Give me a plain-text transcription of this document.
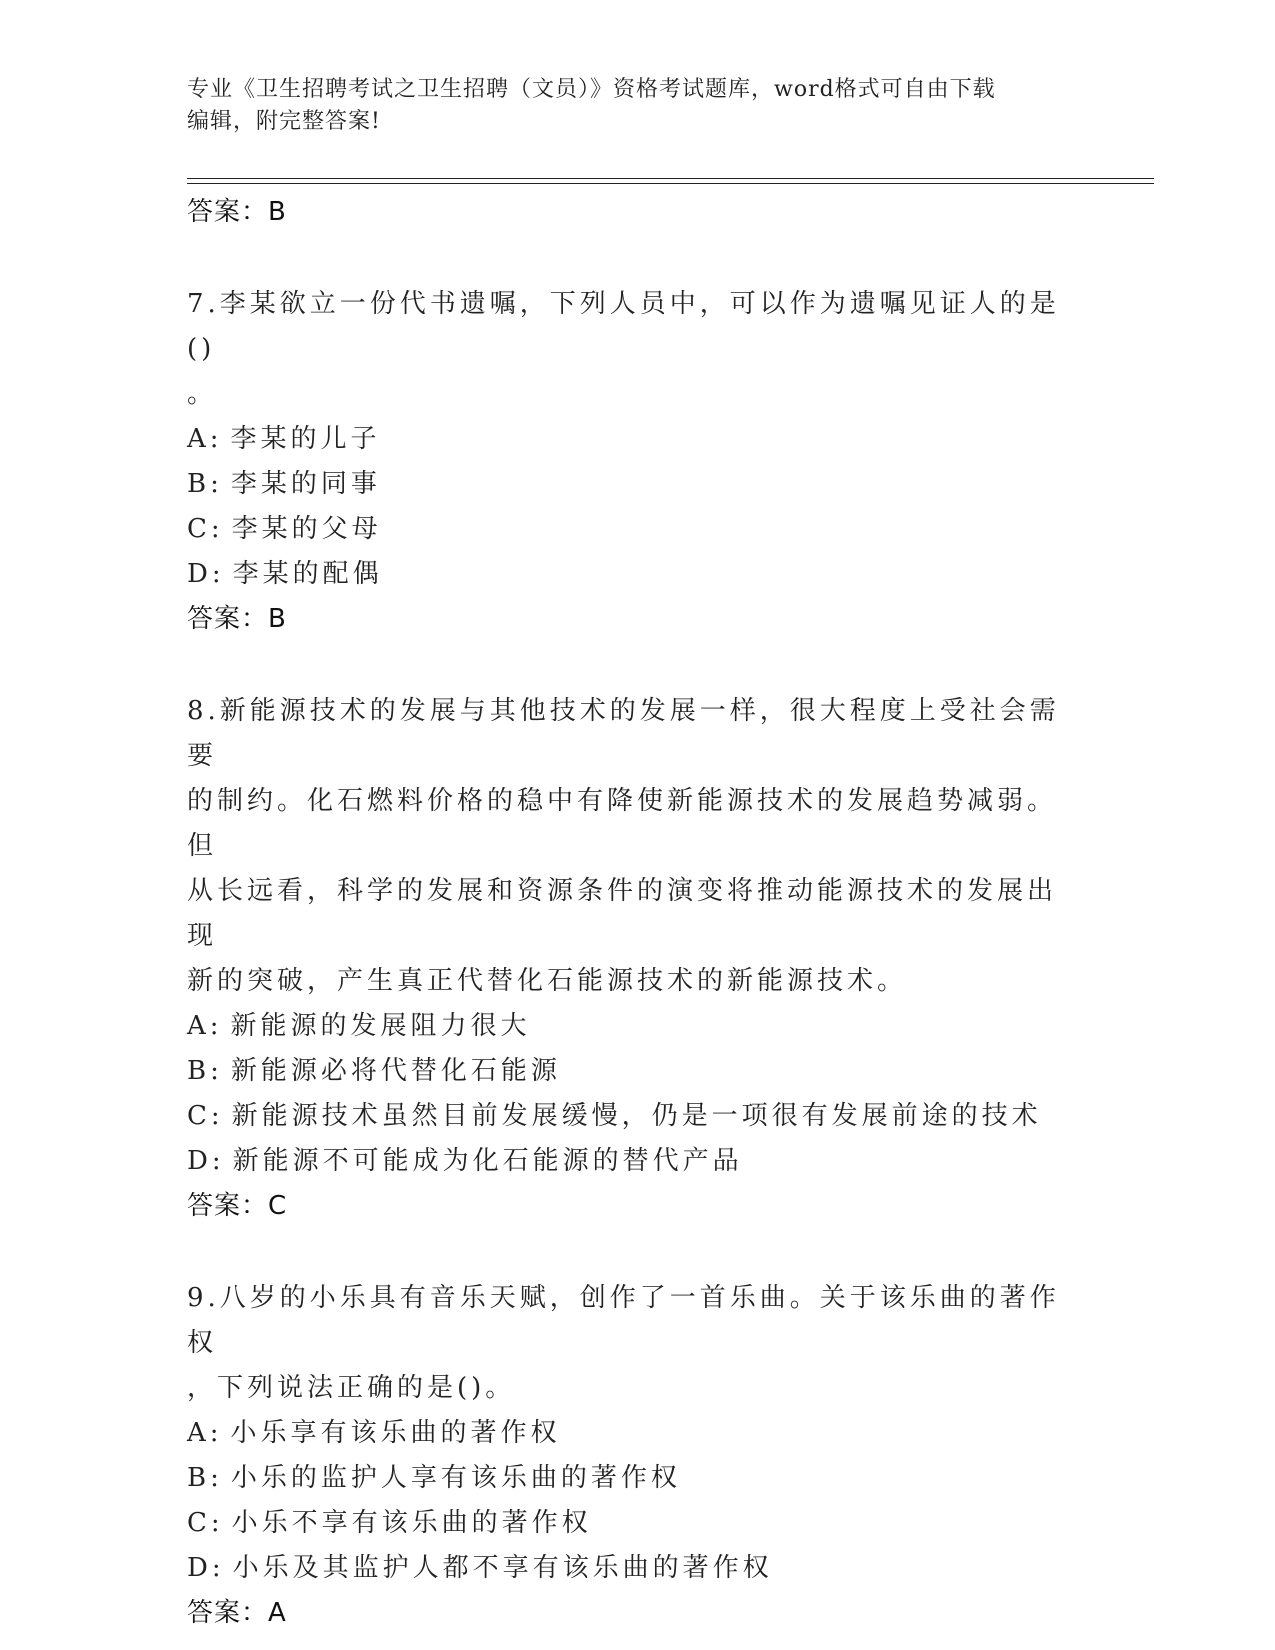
专业《卫生招聘考试之卫生招聘（文员）》资格考试题库，word格式可自由下载
编辑，附完整答案!
答案：B
7.李某欲立一份代书遗嘱，下列人员中，可以作为遗嘱见证人的是()
。
A: 李某的儿子
B: 李某的同事
C: 李某的父母
D: 李某的配偶
答案：B
8.新能源技术的发展与其他技术的发展一样，很大程度上受社会需要
的制约。化石燃料价格的稳中有降使新能源技术的发展趋势减弱。但
从长远看，科学的发展和资源条件的演变将推动能源技术的发展出现
新的突破，产生真正代替化石能源技术的新能源技术。
A: 新能源的发展阻力很大
B: 新能源必将代替化石能源
C: 新能源技术虽然目前发展缓慢，仍是一项很有发展前途的技术
D: 新能源不可能成为化石能源的替代产品
答案：C
9.八岁的小乐具有音乐天赋，创作了一首乐曲。关于该乐曲的著作权
，下列说法正确的是()。
A: 小乐享有该乐曲的著作权
B: 小乐的监护人享有该乐曲的著作权
C: 小乐不享有该乐曲的著作权
D: 小乐及其监护人都不享有该乐曲的著作权
答案：A
